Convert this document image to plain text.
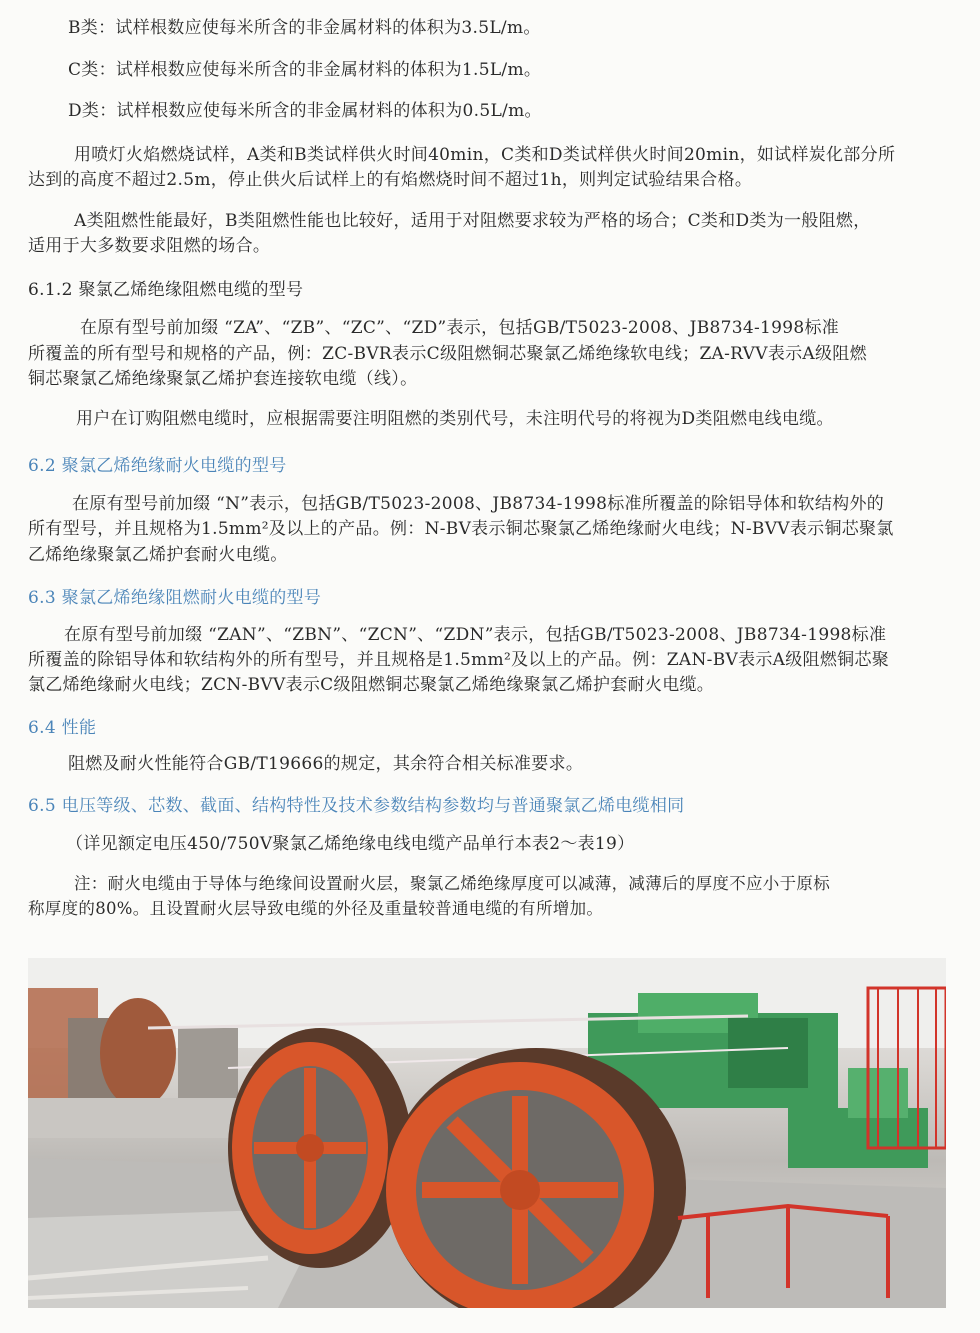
B类：试样根数应使每米所含的非金属材料的体积为3.5L/m。
C类：试样根数应使每米所含的非金属材料的体积为1.5L/m。
D类：试样根数应使每米所含的非金属材料的体积为0.5L/m。
用喷灯火焰燃烧试样，A类和B类试样供火时间40min，C类和D类试样供火时间20min，如试样炭化部分所
达到的高度不超过2.5m，停止供火后试样上的有焰燃烧时间不超过1h，则判定试验结果合格。
A类阻燃性能最好，B类阻燃性能也比较好，适用于对阻燃要求较为严格的场合；C类和D类为一般阻燃，
适用于大多数要求阻燃的场合。
6.1.2 聚氯乙烯绝缘阻燃电缆的型号
在原有型号前加缀 “ZA”、“ZB”、“ZC”、“ZD”表示，包括GB/T5023-2008、JB8734-1998标准
所覆盖的所有型号和规格的产品，例：ZC-BVR表示C级阻燃铜芯聚氯乙烯绝缘软电线；ZA-RVV表示A级阻燃
铜芯聚氯乙烯绝缘聚氯乙烯护套连接软电缆（线）。
用户在订购阻燃电缆时，应根据需要注明阻燃的类别代号，未注明代号的将视为D类阻燃电线电缆。
6.2 聚氯乙烯绝缘耐火电缆的型号
在原有型号前加缀 “N”表示，包括GB/T5023-2008、JB8734-1998标准所覆盖的除铝导体和软结构外的
所有型号，并且规格为1.5mm²及以上的产品。例：N-BV表示铜芯聚氯乙烯绝缘耐火电线；N-BVV表示铜芯聚氯
乙烯绝缘聚氯乙烯护套耐火电缆。
6.3 聚氯乙烯绝缘阻燃耐火电缆的型号
在原有型号前加缀 “ZAN”、“ZBN”、“ZCN”、“ZDN”表示，包括GB/T5023-2008、JB8734-1998标准
所覆盖的除铝导体和软结构外的所有型号，并且规格是1.5mm²及以上的产品。例：ZAN-BV表示A级阻燃铜芯聚
氯乙烯绝缘耐火电线；ZCN-BVV表示C级阻燃铜芯聚氯乙烯绝缘聚氯乙烯护套耐火电缆。
6.4 性能
阻燃及耐火性能符合GB/T19666的规定，其余符合相关标准要求。
6.5 电压等级、芯数、截面、结构特性及技术参数结构参数均与普通聚氯乙烯电缆相同
（详见额定电压450/750V聚氯乙烯绝缘电线电缆产品单行本表2～表19）
注：耐火电缆由于导体与绝缘间设置耐火层，聚氯乙烯绝缘厚度可以减薄，减薄后的厚度不应小于原标
称厚度的80%。且设置耐火层导致电缆的外径及重量较普通电缆的有所增加。
